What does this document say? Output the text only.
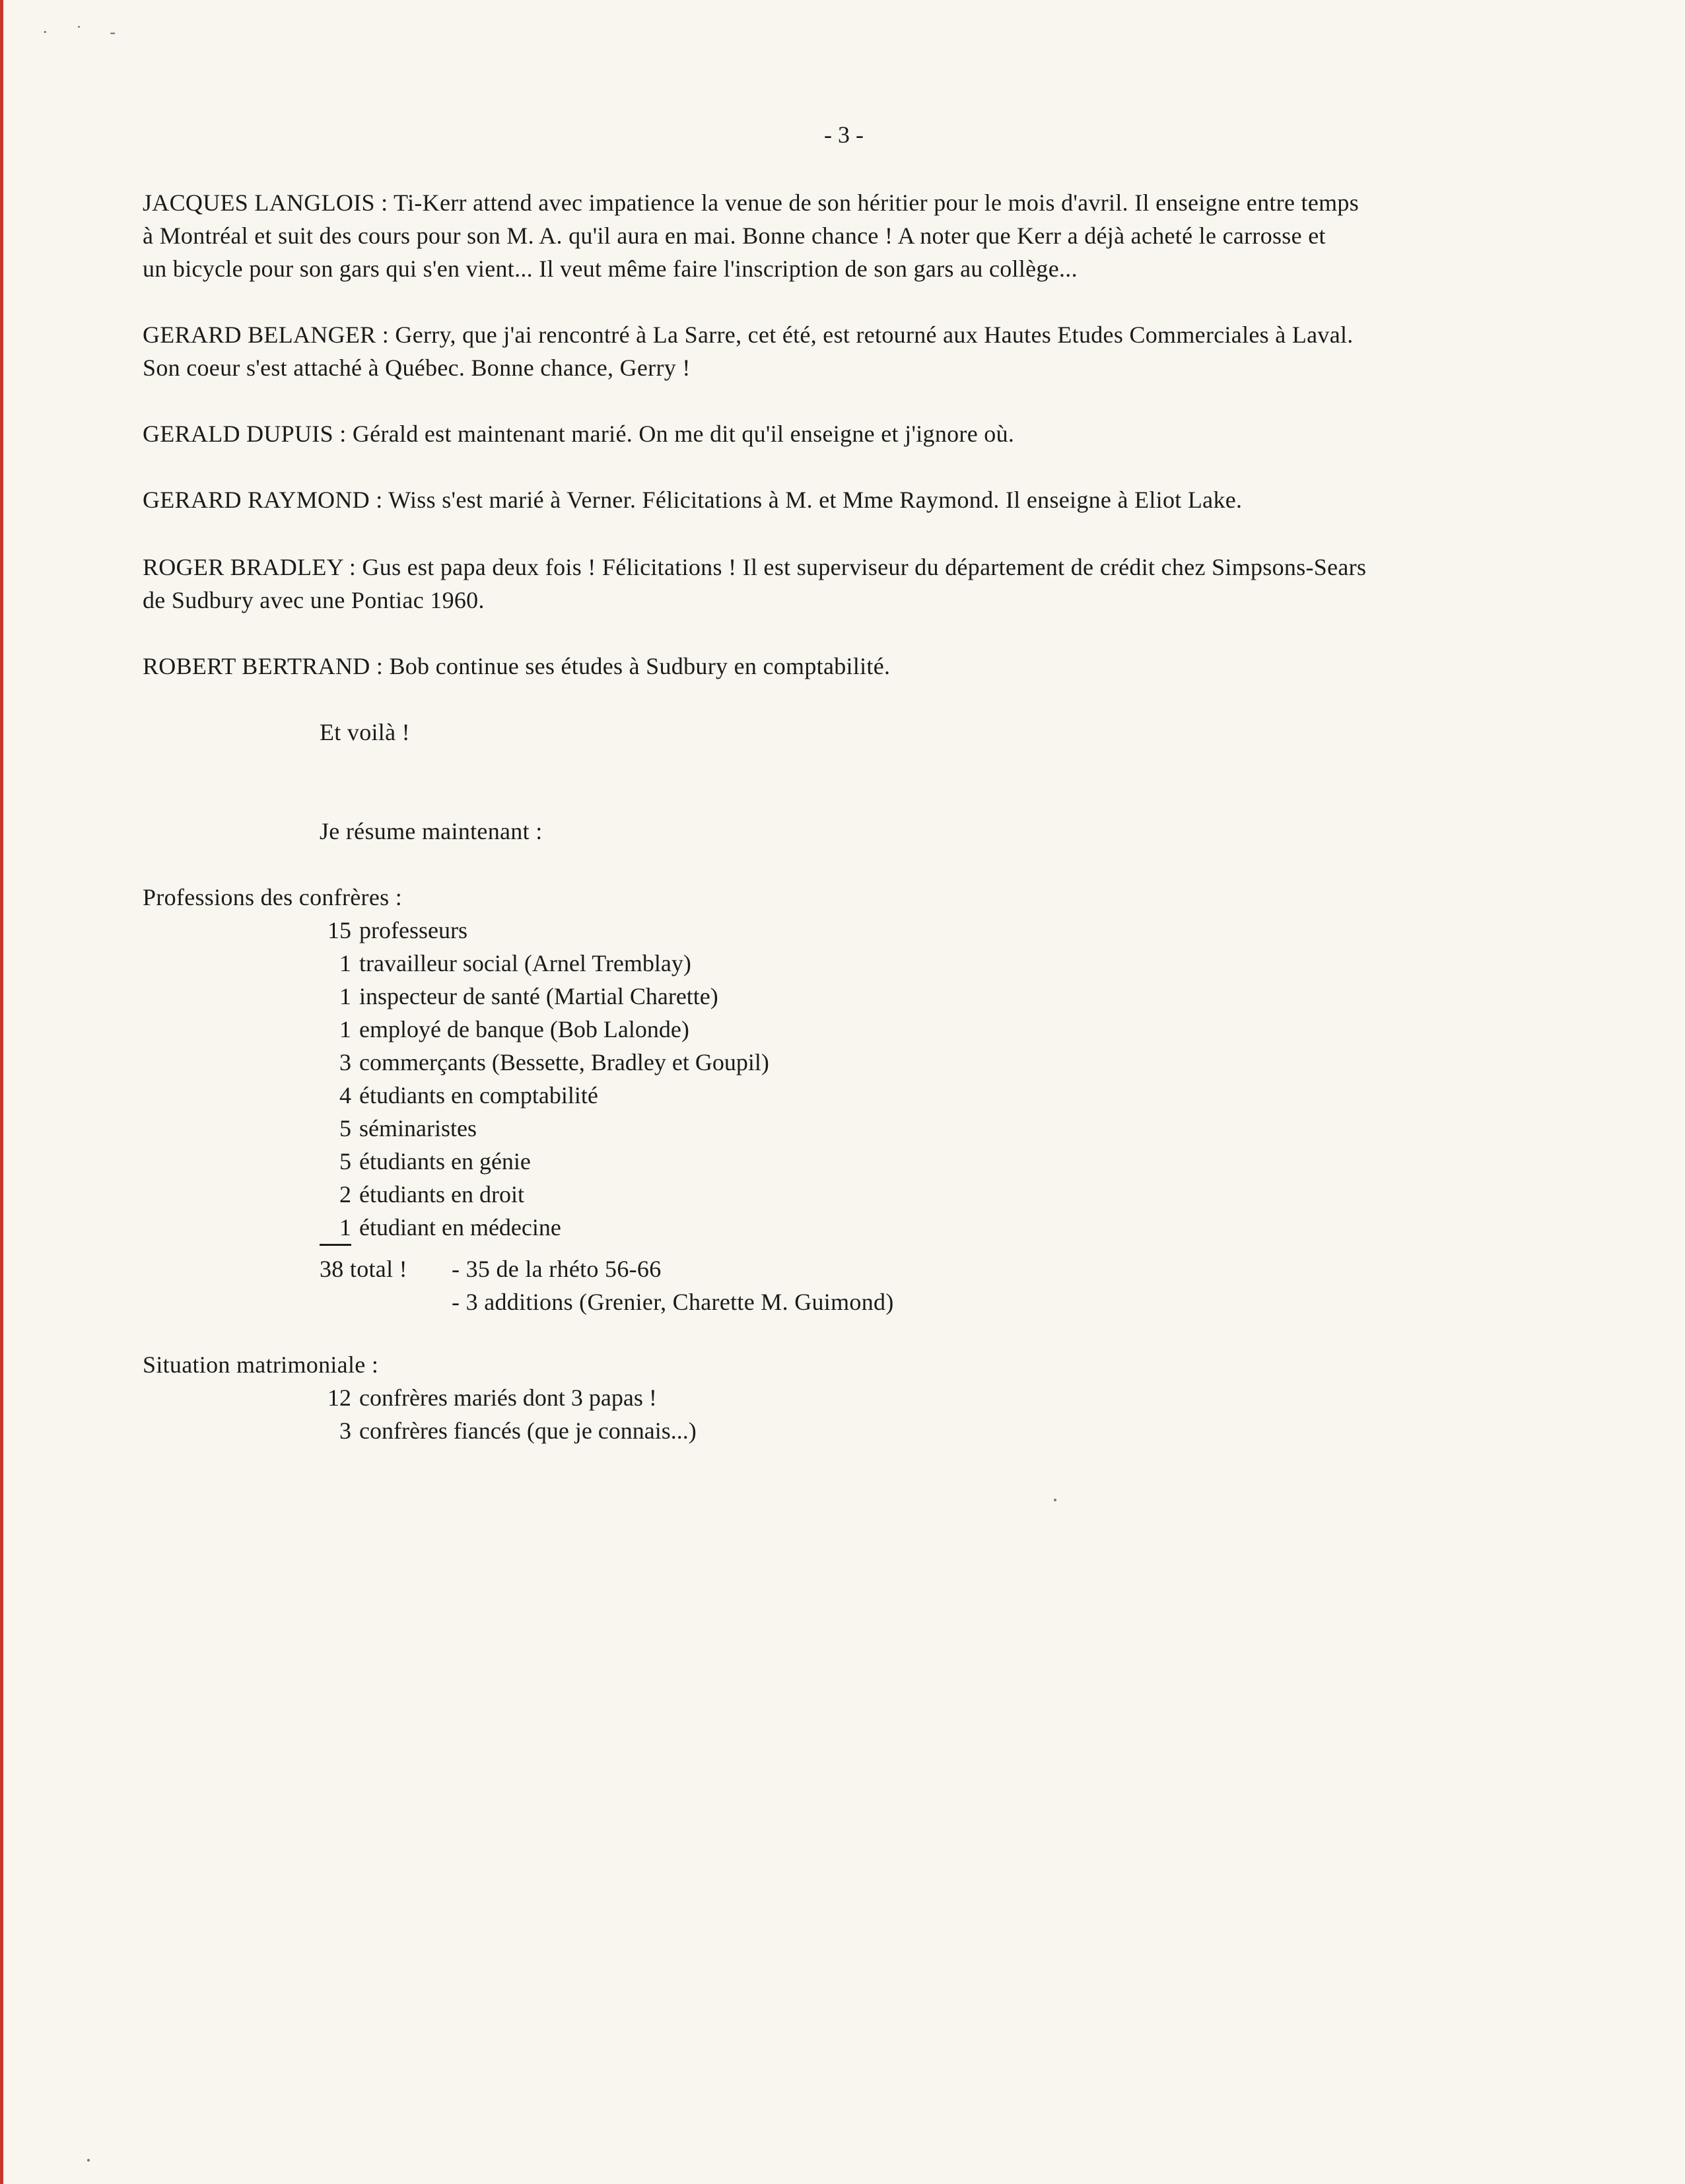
· ˙ -
- 3 -
JACQUES LANGLOIS : Ti-Kerr attend avec impatience la venue de son héritier pour le mois d'avril. Il enseigne entre temps
à Montréal et suit des cours pour son M. A. qu'il aura en mai. Bonne chance ! A noter que Kerr a déjà acheté le carrosse et
un bicycle pour son gars qui s'en vient... Il veut même faire l'inscription de son gars au collège...
GERARD BELANGER : Gerry, que j'ai rencontré à La Sarre, cet été, est retourné aux Hautes Etudes Commerciales à Laval.
Son coeur s'est attaché à Québec. Bonne chance, Gerry !
GERALD DUPUIS : Gérald est maintenant marié. On me dit qu'il enseigne et j'ignore où.
GERARD RAYMOND : Wiss s'est marié à Verner. Félicitations à M. et Mme Raymond. Il enseigne à Eliot Lake.
ROGER BRADLEY : Gus est papa deux fois ! Félicitations ! Il est superviseur du département de crédit chez Simpsons-Sears
de Sudbury avec une Pontiac 1960.
ROBERT BERTRAND : Bob continue ses études à Sudbury en comptabilité.
Et voilà !
Je résume maintenant :
Professions des confrères :
15 professeurs
1 travailleur social (Arnel Tremblay)
1 inspecteur de santé (Martial Charette)
1 employé de banque (Bob Lalonde)
3 commerçants (Bessette, Bradley et Goupil)
4 étudiants en comptabilité
5 séminaristes
5 étudiants en génie
2 étudiants en droit
1 étudiant en médecine
38 total ! - 35 de la rhéto 56-66
- 3 additions (Grenier, Charette M. Guimond)
Situation matrimoniale :
12 confrères mariés dont 3 papas !
3 confrères fiancés (que je connais...)
